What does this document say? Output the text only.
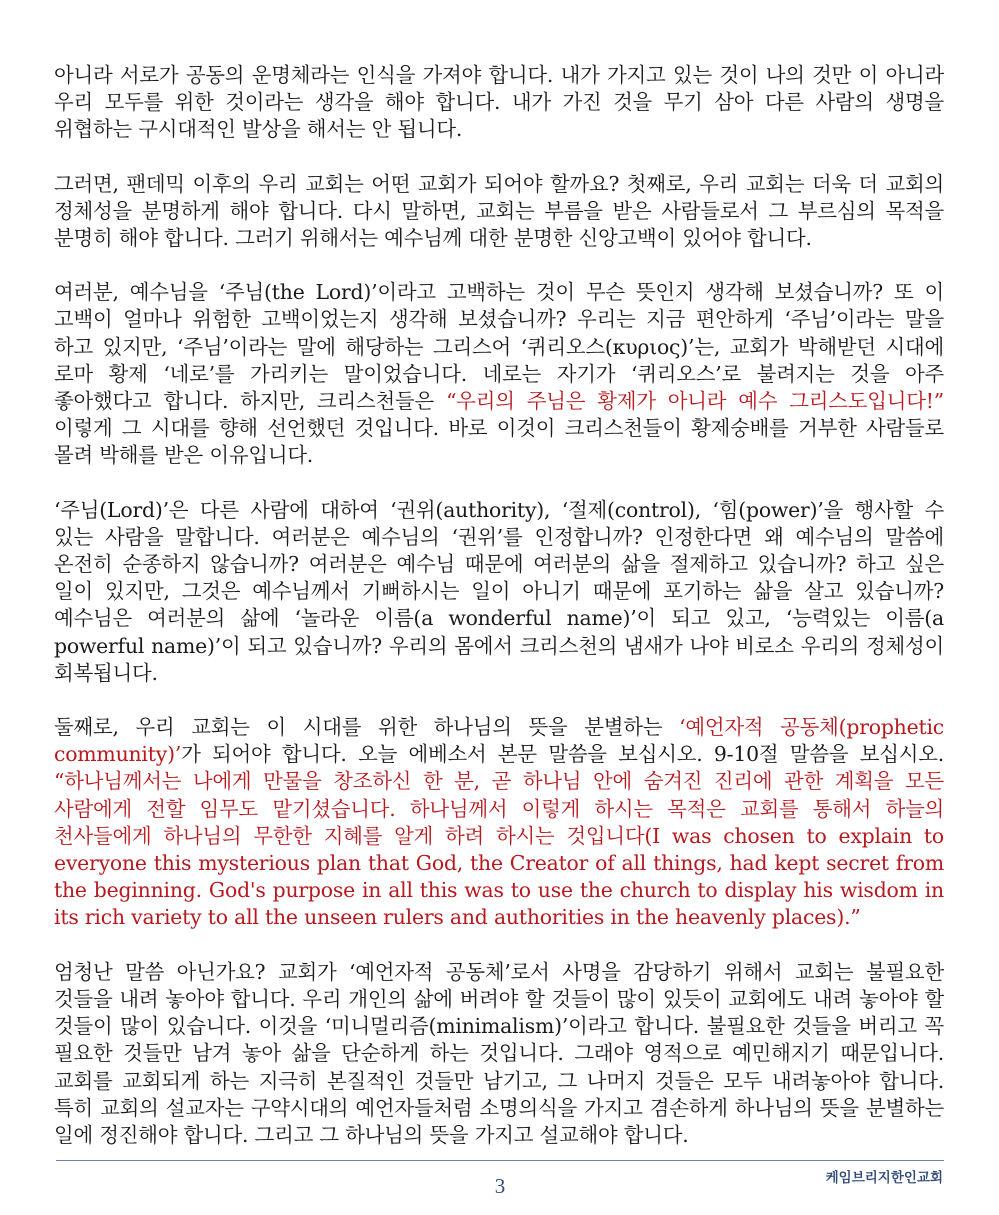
아니라 서로가 공동의 운명체라는 인식을 가져야 합니다. 내가 가지고 있는 것이 나의 것만 이 아니라 우리 모두를 위한 것이라는 생각을 해야 합니다. 내가 가진 것을 무기 삼아 다른 사람의 생명을 위협하는 구시대적인 발상을 해서는 안 됩니다.

그러면, 팬데믹 이후의 우리 교회는 어떤 교회가 되어야 할까요? 첫째로, 우리 교회는 더욱 더 교회의 정체성을 분명하게 해야 합니다. 다시 말하면, 교회는 부름을 받은 사람들로서 그 부르심의 목적을 분명히 해야 합니다. 그러기 위해서는 예수님께 대한 분명한 신앙고백이 있어야 합니다.

여러분, 예수님을 ‘주님(the Lord)’이라고 고백하는 것이 무슨 뜻인지 생각해 보셨습니까? 또 이 고백이 얼마나 위험한 고백이었는지 생각해 보셨습니까? 우리는 지금 편안하게 ‘주님’이라는 말을 하고 있지만, ‘주님’이라는 말에 해당하는 그리스어 ‘퀴리오스(κυριος)’는, 교회가 박해받던 시대에 로마 황제 ‘네로’를 가리키는 말이었습니다. 네로는 자기가 ‘퀴리오스’로 불려지는 것을 아주 좋아했다고 합니다. 하지만, 크리스천들은 “우리의 주님은 황제가 아니라 예수 그리스도입니다!” 이렇게 그 시대를 향해 선언했던 것입니다. 바로 이것이 크리스천들이 황제숭배를 거부한 사람들로 몰려 박해를 받은 이유입니다.

‘주님(Lord)’은 다른 사람에 대하여 ‘권위(authority), ‘절제(control), ‘힘(power)’을 행사할 수 있는 사람을 말합니다. 여러분은 예수님의 ‘권위’를 인정합니까? 인정한다면 왜 예수님의 말씀에 온전히 순종하지 않습니까? 여러분은 예수님 때문에 여러분의 삶을 절제하고 있습니까? 하고 싶은 일이 있지만, 그것은 예수님께서 기뻐하시는 일이 아니기 때문에 포기하는 삶을 살고 있습니까? 예수님은 여러분의 삶에 ‘놀라운 이름(a wonderful name)’이 되고 있고, ‘능력있는 이름(a powerful name)’이 되고 있습니까? 우리의 몸에서 크리스천의 냄새가 나야 비로소 우리의 정체성이 회복됩니다.

둘째로, 우리 교회는 이 시대를 위한 하나님의 뜻을 분별하는 ‘예언자적 공동체(prophetic community)’가 되어야 합니다. 오늘 에베소서 본문 말씀을 보십시오. 9-10절 말씀을 보십시오. “하나님께서는 나에게 만물을 창조하신 한 분, 곧 하나님 안에 숨겨진 진리에 관한 계획을 모든 사람에게 전할 임무도 맡기셨습니다. 하나님께서 이렇게 하시는 목적은 교회를 통해서 하늘의 천사들에게 하나님의 무한한 지혜를 알게 하려 하시는 것입니다(I was chosen to explain to everyone this mysterious plan that God, the Creator of all things, had kept secret from the beginning. God's purpose in all this was to use the church to display his wisdom in its rich variety to all the unseen rulers and authorities in the heavenly places).”

엄청난 말씀 아닌가요? 교회가 ‘예언자적 공동체’로서 사명을 감당하기 위해서 교회는 불필요한 것들을 내려 놓아야 합니다. 우리 개인의 삶에 버려야 할 것들이 많이 있듯이 교회에도 내려 놓아야 할 것들이 많이 있습니다. 이것을 ‘미니멀리즘(minimalism)’이라고 합니다. 불필요한 것들을 버리고 꼭 필요한 것들만 남겨 놓아 삶을 단순하게 하는 것입니다. 그래야 영적으로 예민해지기 때문입니다. 교회를 교회되게 하는 지극히 본질적인 것들만 남기고, 그 나머지 것들은 모두 내려놓아야 합니다. 특히 교회의 설교자는 구약시대의 예언자들처럼 소명의식을 가지고 겸손하게 하나님의 뜻을 분별하는 일에 정진해야 합니다. 그리고 그 하나님의 뜻을 가지고 설교해야 합니다.

3	케임브리지한인교회
